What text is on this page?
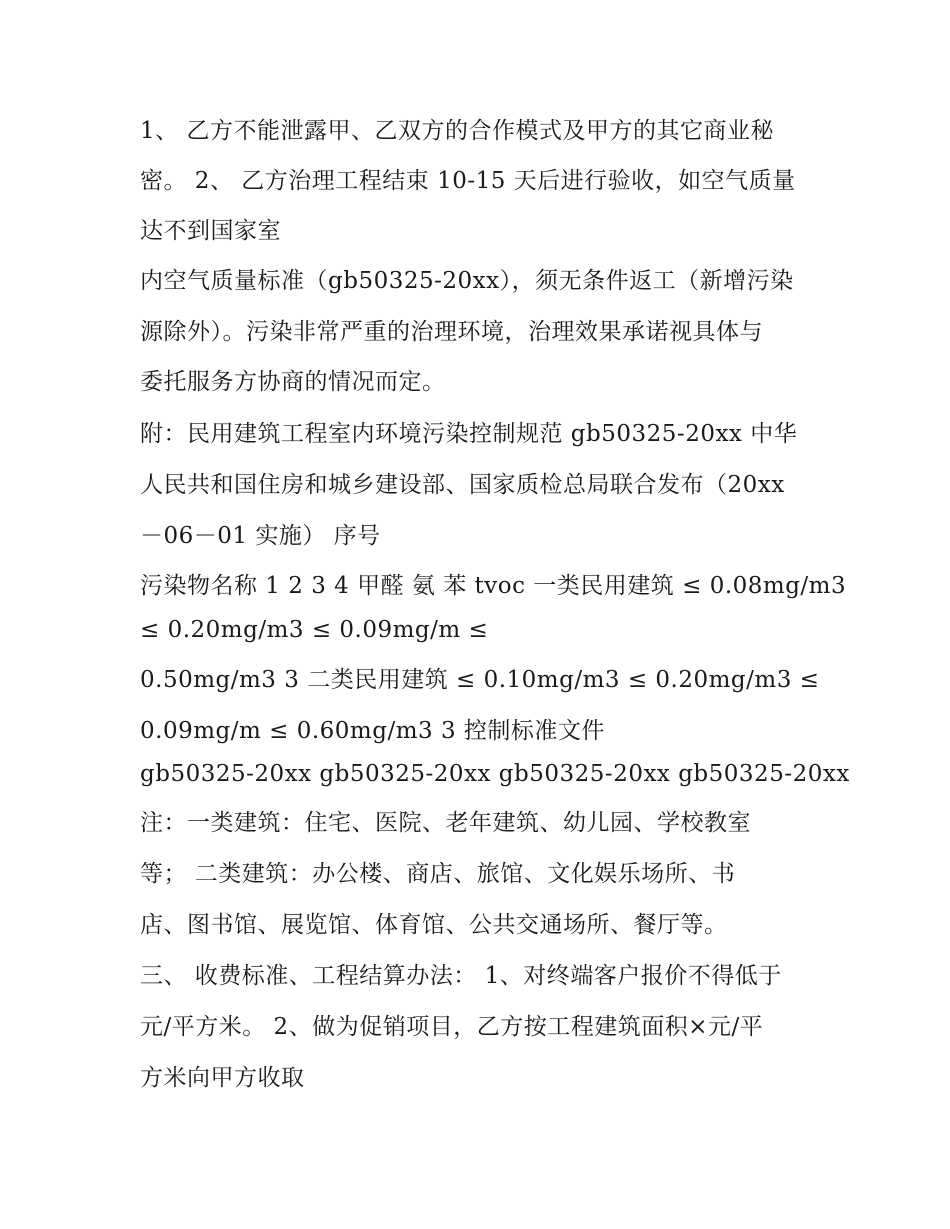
1、 乙方不能泄露甲、乙双方的合作模式及甲方的其它商业秘
密。 2、 乙方治理工程结束 10-15 天后进行验收，如空气质量
达不到国家室
内空气质量标准（gb50325-20xx），须无条件返工（新增污染
源除外）。污染非常严重的治理环境，治理效果承诺视具体与
委托服务方协商的情况而定。
附：民用建筑工程室内环境污染控制规范 gb50325-20xx 中华
人民共和国住房和城乡建设部、国家质检总局联合发布（20xx
－06－01 实施） 序号
污染物名称 1 2 3 4 甲醛 氨 苯 tvoc 一类民用建筑 ≤ 0.08mg/m3
≤ 0.20mg/m3 ≤ 0.09mg/m ≤
0.50mg/m3 3 二类民用建筑 ≤ 0.10mg/m3 ≤ 0.20mg/m3 ≤
0.09mg/m ≤ 0.60mg/m3 3 控制标准文件
gb50325-20xx gb50325-20xx gb50325-20xx gb50325-20xx
注：一类建筑：住宅、医院、老年建筑、幼儿园、学校教室
等； 二类建筑：办公楼、商店、旅馆、文化娱乐场所、书
店、图书馆、展览馆、体育馆、公共交通场所、餐厅等。
三、 收费标准、工程结算办法： 1、对终端客户报价不得低于
元/平方米。 2、做为促销项目，乙方按工程建筑面积×元/平
方米向甲方收取
